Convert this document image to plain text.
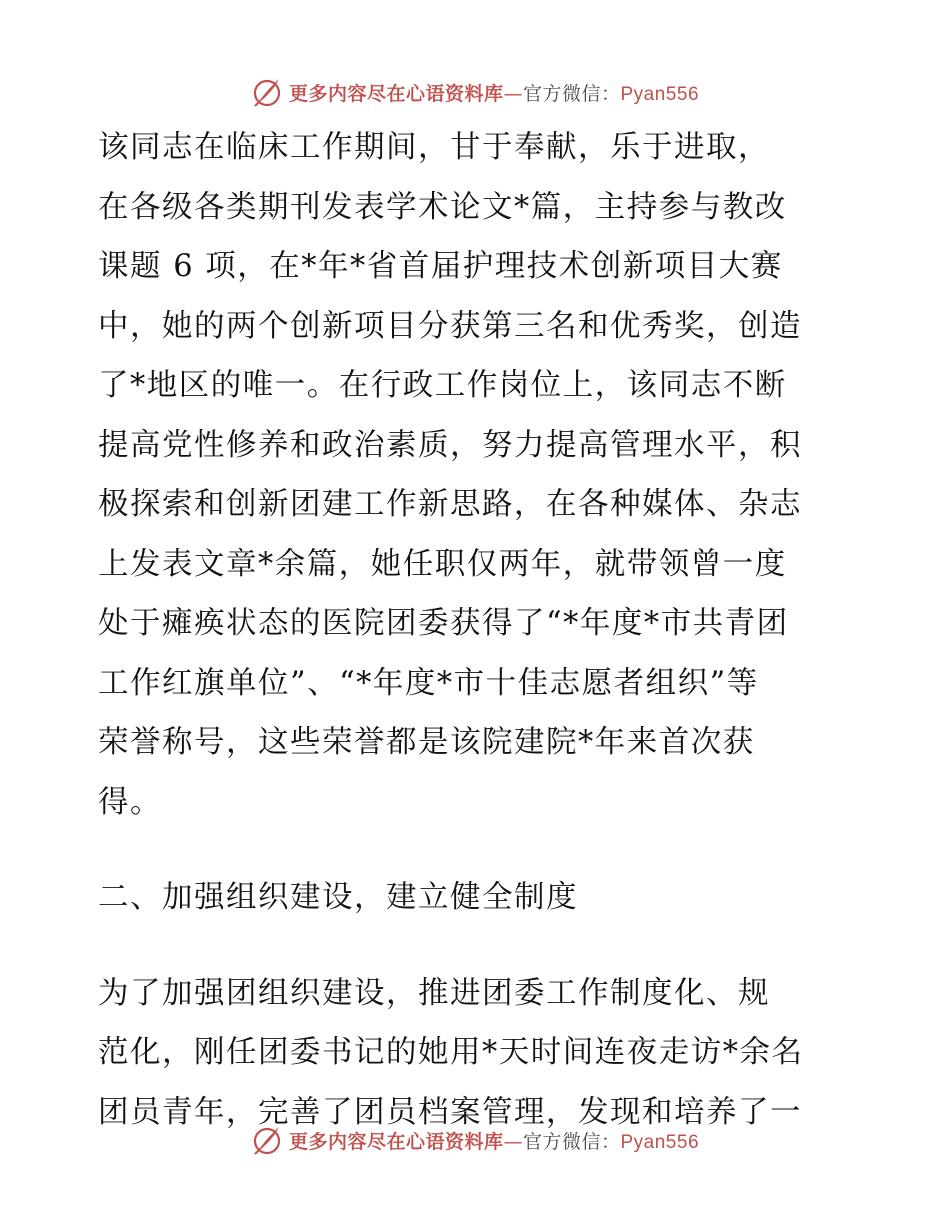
更多内容尽在心语资料库—官方微信：Pyan556
该同志在临床工作期间，甘于奉献，乐于进取，
在各级各类期刊发表学术论文*篇，主持参与教改
课题 6 项，在*年*省首届护理技术创新项目大赛
中，她的两个创新项目分获第三名和优秀奖，创造
了*地区的唯一。在行政工作岗位上，该同志不断
提高党性修养和政治素质，努力提高管理水平，积
极探索和创新团建工作新思路，在各种媒体、杂志
上发表文章*余篇，她任职仅两年，就带领曾一度
处于瘫痪状态的医院团委获得了“*年度*市共青团
工作红旗单位”、“*年度*市十佳志愿者组织”等
荣誉称号，这些荣誉都是该院建院*年来首次获
得。
二、加强组织建设，建立健全制度
为了加强团组织建设，推进团委工作制度化、规
范化，刚任团委书记的她用*天时间连夜走访*余名
团员青年，完善了团员档案管理，发现和培养了一
更多内容尽在心语资料库—官方微信：Pyan556
